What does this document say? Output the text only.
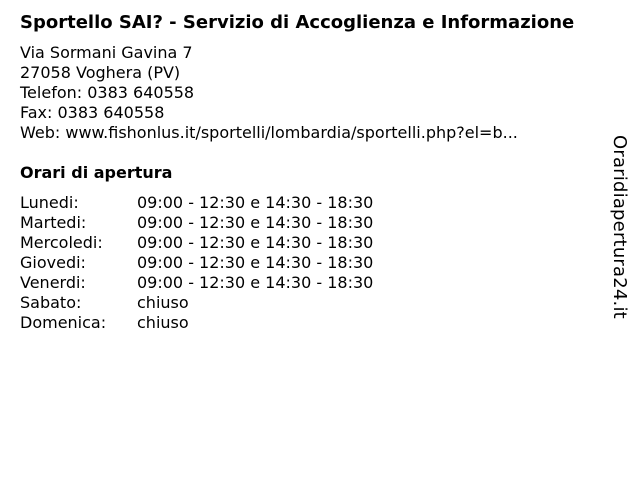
Sportello SAI? - Servizio di Accoglienza e Informazione
Via Sormani Gavina 7
27058 Voghera (PV)
Telefon: 0383 640558
Fax: 0383 640558
Web: www.fishonlus.it/sportelli/lombardia/sportelli.php?el=b...
Orari di apertura
Lunedi:	09:00 - 12:30 e 14:30 - 18:30
Martedi:	09:00 - 12:30 e 14:30 - 18:30
Mercoledi:	09:00 - 12:30 e 14:30 - 18:30
Giovedi:	09:00 - 12:30 e 14:30 - 18:30
Venerdi:	09:00 - 12:30 e 14:30 - 18:30
Sabato:	chiuso
Domenica:	chiuso
Oraridiapertura24.it
